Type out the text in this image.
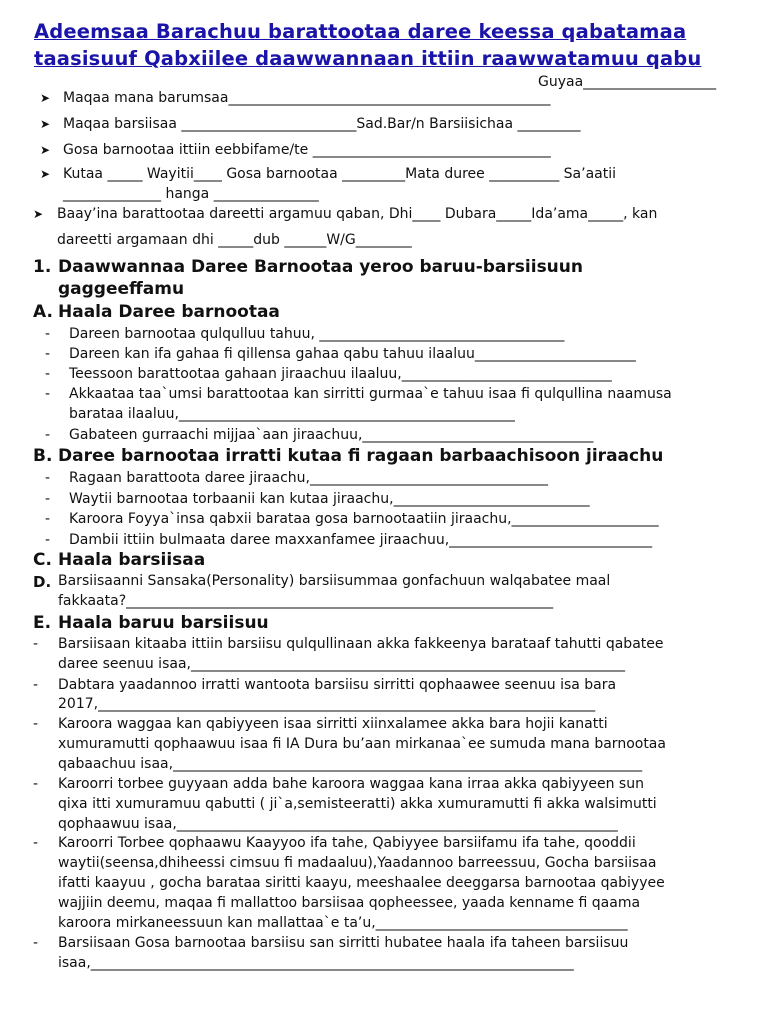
Adeemsaa Barachuu barattootaa daree keessa qabatamaa
taasisuuf Qabxiilee daawwannaan ittiin raawwatamuu qabu
Guyaa___________________
➤ Maqaa mana barumsaa______________________________________________
➤ Maqaa barsiisaa _________________________Sad.Bar/n Barsiisichaa _________
➤ Gosa barnootaa ittiin eebbifame/te __________________________________
➤ Kutaa _____ Wayitii____ Gosa barnootaa _________Mata duree __________ Sa’aatii
______________ hanga _______________
➤ Baay’ina barattootaa dareetti argamuu qaban, Dhi____ Dubara_____Ida’ama_____, kan
dareetti argamaan dhi _____dub ______W/G________
1. Daawwannaa Daree Barnootaa yeroo baruu-barsiisuun
gaggeeffamu
A. Haala Daree barnootaa
- Dareen barnootaa qulqulluu tahuu, ___________________________________
- Dareen kan ifa gahaa fi qillensa gahaa qabu tahuu ilaaluu_______________________
- Teessoon barattootaa gahaan jiraachuu ilaaluu,______________________________
- Akkaataa taa`umsi barattootaa kan sirritti gurmaa`e tahuu isaa fi qulqullina naamusa
barataa ilaaluu,________________________________________________
- Gabateen gurraachi mijjaa`aan jiraachuu,_________________________________
B. Daree barnootaa irratti kutaa fi ragaan barbaachisoon jiraachu
- Ragaan barattoota daree jiraachu,__________________________________
- Waytii barnootaa torbaanii kan kutaa jiraachu,____________________________
- Karoora Foyya`insa qabxii barataa gosa barnootaatiin jiraachu,_____________________
- Dambii ittiin bulmaata daree maxxanfamee jiraachuu,_____________________________
C. Haala barsiisaa
D. Barsiisaanni Sansaka(Personality) barsiisummaa gonfachuun walqabatee maal
fakkaata?_____________________________________________________________
E. Haala baruu barsiisuu
- Barsiisaan kitaaba ittiin barsiisu qulqullinaan akka fakkeenya barataaf tahutti qabatee
daree seenuu isaa,______________________________________________________________
- Dabtara yaadannoo irratti wantoota barsiisu sirritti qophaawee seenuu isa bara
2017,_______________________________________________________________________
- Karoora waggaa kan qabiyyeen isaa sirritti xiinxalamee akka bara hojii kanatti
xumuramutti qophaawuu isaa fi IA Dura bu’aan mirkanaa`ee sumuda mana barnootaa
qabaachuu isaa,___________________________________________________________________
- Karoorri torbee guyyaan adda bahe karoora waggaa kana irraa akka qabiyyeen sun
qixa itti xumuramuu qabutti ( ji`a,semisteeratti) akka xumuramutti fi akka walsimutti
qophaawuu isaa,_______________________________________________________________
- Karoorri Torbee qophaawu Kaayyoo ifa tahe, Qabiyyee barsiifamu ifa tahe, qooddii
waytii(seensa,dhiheessi cimsuu fi madaaluu),Yaadannoo barreessuu, Gocha barsiisaa
ifatti kaayuu , gocha barataa siritti kaayu, meeshaalee deeggarsa barnootaa qabiyyee
wajjiin deemu, maqaa fi mallattoo barsiisaa qopheessee, yaada kenname fi qaama
karoora mirkaneessuun kan mallattaa`e ta’u,____________________________________
- Barsiisaan Gosa barnootaa barsiisu san sirritti hubatee haala ifa taheen barsiisuu
isaa,_____________________________________________________________________
